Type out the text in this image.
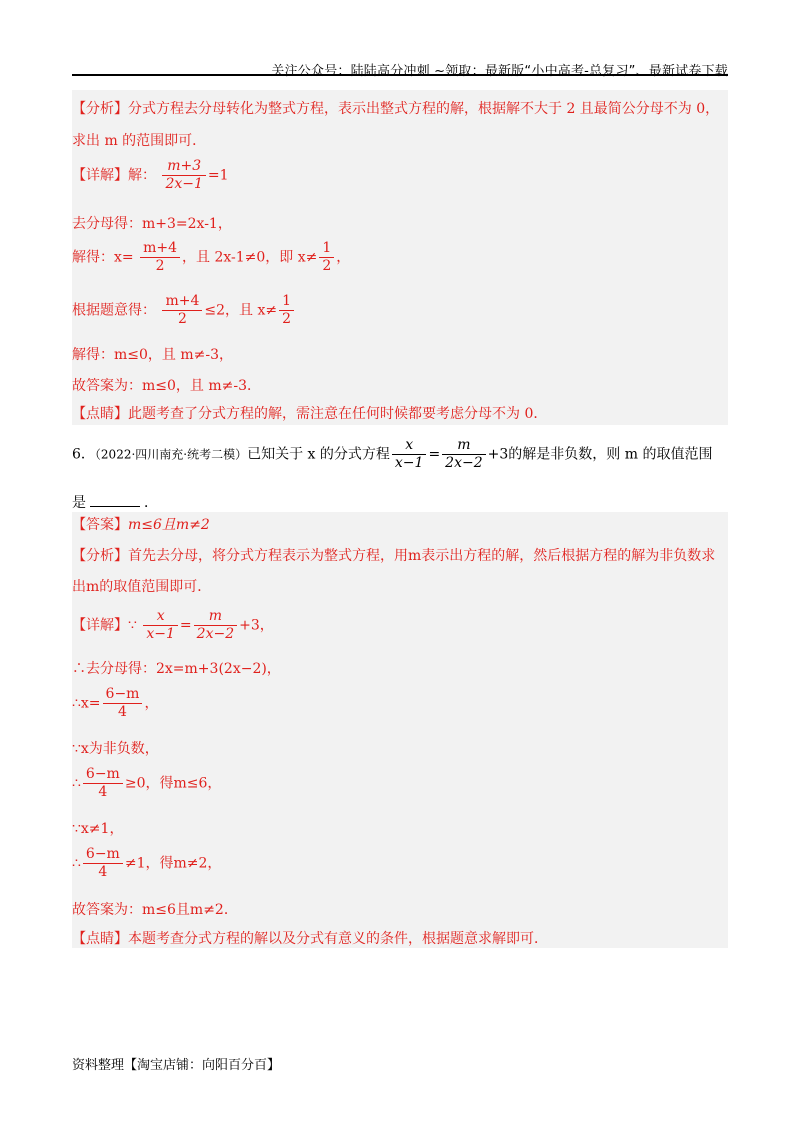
关注公众号：陆陆高分冲刺 ~领取：最新版“小中高考-总复习”、最新试卷下载
【分析】分式方程去分母转化为整式方程，表示出整式方程的解，根据解不大于 2 且最简公分母不为 0，
求出 m 的范围即可．
【详解】解： $\frac{m+3}{2x-1} =1$
去分母得：m+3=2x-1，
解得：$x= \frac{m+4}{2}$ ，且 2x-1≠0，即 $x\ne \frac{1}{2}$ ，
根据题意得： $\frac{m+4}{2} \le 2$，且 $x\ne \frac{1}{2}$
解得：m≤0，且 m≠-3，
故答案为：m≤0，且 m≠-3．
【点睛】此题考查了分式方程的解，需注意在任何时候都要考虑分母不为 0．
6．（2022·四川南充·统考二模）已知关于 x 的分式方程 $\frac{x}{x-1} = \frac{m}{2x-2} +3$的解是非负数，则 m 的取值范围
是	．
【答案】m≤6且m≠2
【分析】首先去分母，将分式方程表示为整式方程，用m表示出方程的解，然后根据方程的解为非负数求
出m的取值范围即可．
【详解】∵ $\frac{x}{x-1} = \frac{m}{2x-2} +3$，
∴去分母得：2x=m+3(2x−2)，
∴x= $\frac{6-m}{4}$ ，
∵x为非负数，
∴ $\frac{6-m}{4} \ge 0$，得m≤6，
∵x≠1，
∴ $\frac{6-m}{4} \ne 1$，得m≠2，
故答案为：m≤6且m≠2．
【点睛】本题考查分式方程的解以及分式有意义的条件，根据题意求解即可．
资料整理【淘宝店铺：向阳百分百】
